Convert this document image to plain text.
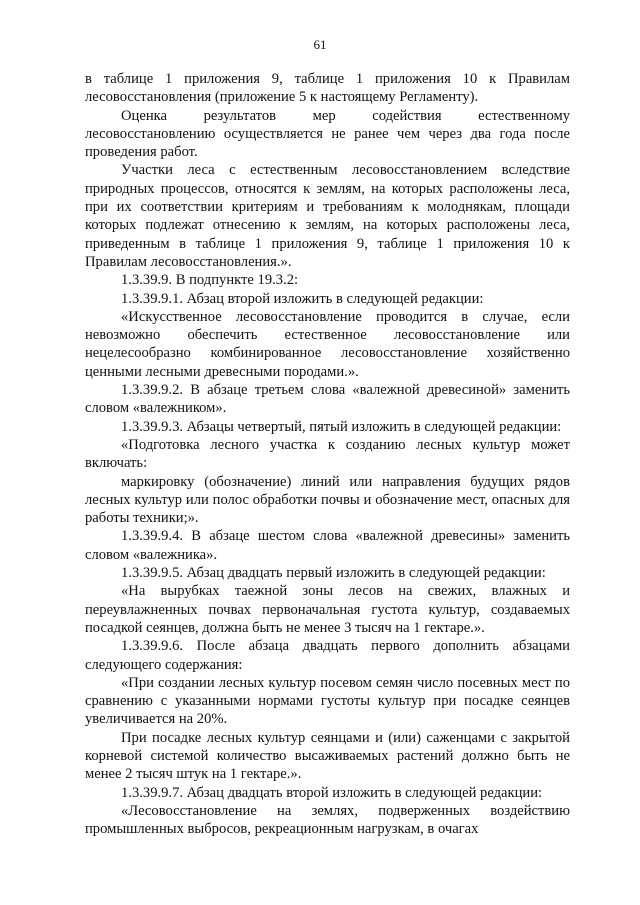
61

в таблице 1 приложения 9, таблице 1 приложения 10 к Правилам лесовосстановления (приложение 5 к настоящему Регламенту).

Оценка результатов мер содействия естественному лесовосстановлению осуществляется не ранее чем через два года после проведения работ.

Участки леса с естественным лесовосстановлением вследствие природных процессов, относятся к землям, на которых расположены леса, при их соответствии критериям и требованиям к молоднякам, площади которых подлежат отнесению к землям, на которых расположены леса, приведенным в таблице 1 приложения 9, таблице 1 приложения 10 к Правилам лесовосстановления.».

1.3.39.9. В подпункте 19.3.2:

1.3.39.9.1. Абзац второй изложить в следующей редакции:

«Искусственное лесовосстановление проводится в случае, если невозможно обеспечить естественное лесовосстановление или нецелесообразно комбинированное лесовосстановление хозяйственно ценными лесными древесными породами.».

1.3.39.9.2. В абзаце третьем слова «валежной древесиной» заменить словом «валежником».

1.3.39.9.3. Абзацы четвертый, пятый изложить в следующей редакции:

«Подготовка лесного участка к созданию лесных культур может включать:

маркировку (обозначение) линий или направления будущих рядов лесных культур или полос обработки почвы и обозначение мест, опасных для работы техники;».

1.3.39.9.4. В абзаце шестом слова «валежной древесины» заменить словом «валежника».

1.3.39.9.5. Абзац двадцать первый изложить в следующей редакции:

«На вырубках таежной зоны лесов на свежих, влажных и переувлажненных почвах первоначальная густота культур, создаваемых посадкой сеянцев, должна быть не менее 3 тысяч на 1 гектаре.».

1.3.39.9.6. После абзаца двадцать первого дополнить абзацами следующего содержания:

«При создании лесных культур посевом семян число посевных мест по сравнению с указанными нормами густоты культур при посадке сеянцев увеличивается на 20%.

При посадке лесных культур сеянцами и (или) саженцами с закрытой корневой системой количество высаживаемых растений должно быть не менее 2 тысяч штук на 1 гектаре.».

1.3.39.9.7. Абзац двадцать второй изложить в следующей редакции:

«Лесовосстановление на землях, подверженных воздействию промышленных выбросов, рекреационным нагрузкам, в очагах
